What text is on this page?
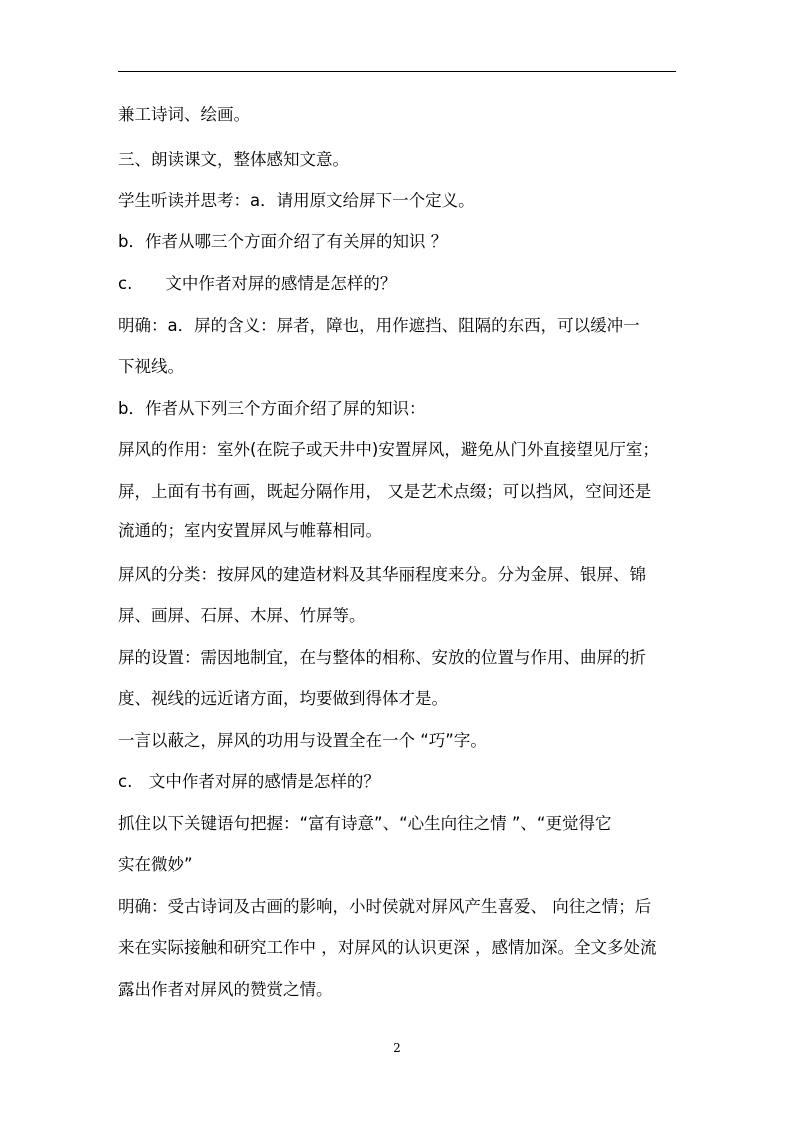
兼工诗词、绘画。
三、朗读课文，整体感知文意。
学生听读并思考：a．请用原文给屏下一个定义。
b．作者从哪三个方面介绍了有关屏的知识 ？
c.　　文中作者对屏的感情是怎样的？
明确：a．屏的含义：屏者，障也，用作遮挡、阻隔的东西，可以缓冲一
下视线。
b．作者从下列三个方面介绍了屏的知识：
屏风的作用：室外(在院子或天井中)安置屏风，避免从门外直接望见厅室；
屏，上面有书有画，既起分隔作用， 又是艺术点缀；可以挡风，空间还是
流通的；室内安置屏风与帷幕相同。
屏风的分类：按屏风的建造材料及其华丽程度来分。分为金屏、银屏、锦
屏、画屏、石屏、木屏、竹屏等。
屏的设置：需因地制宜，在与整体的相称、安放的位置与作用、曲屏的折
度、视线的远近诸方面，均要做到得体才是。
一言以蔽之，屏风的功用与设置全在一个 “巧”字。
c.　文中作者对屏的感情是怎样的？
抓住以下关键语句把握：“富有诗意”、“心生向往之情 ”、“更觉得它
实在微妙”
明确：受古诗词及古画的影响，小时侯就对屏风产生喜爱、 向往之情；后
来在实际接触和研究工作中 ，对屏风的认识更深 ，感情加深。全文多处流
露出作者对屏风的赞赏之情。
2
